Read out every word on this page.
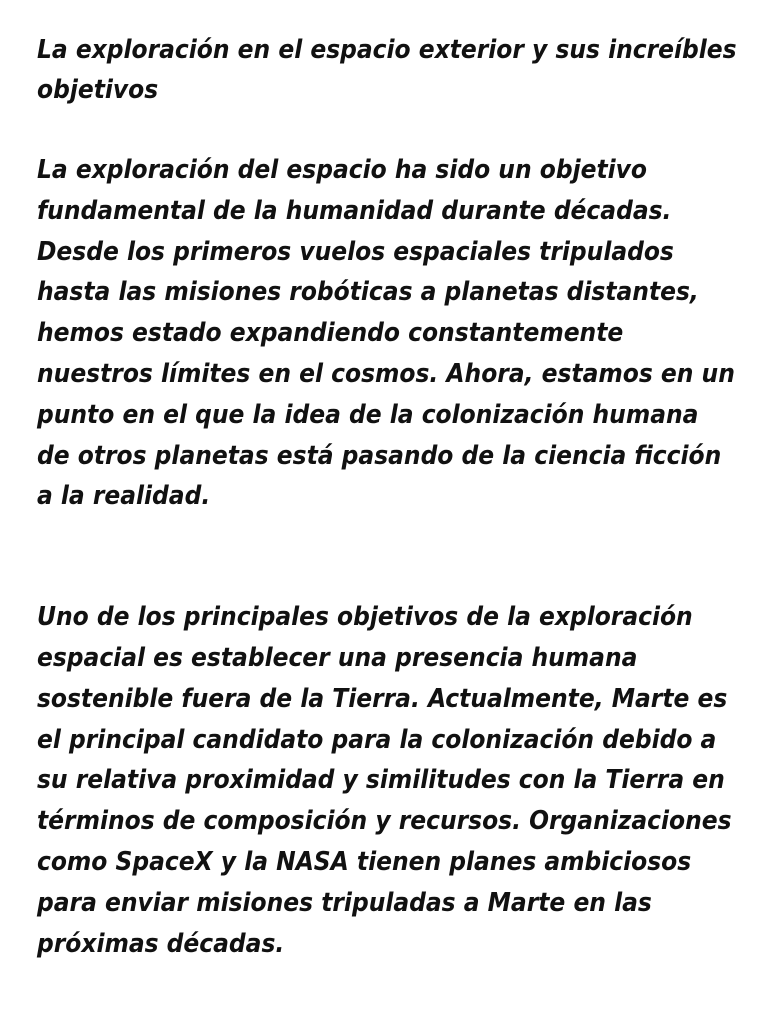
La exploración en el espacio exterior y sus increíbles objetivos

La exploración del espacio ha sido un objetivo fundamental de la humanidad durante décadas. Desde los primeros vuelos espaciales tripulados hasta las misiones robóticas a planetas distantes, hemos estado expandiendo constantemente nuestros límites en el cosmos. Ahora, estamos en un punto en el que la idea de la colonización humana de otros planetas está pasando de la ciencia ficción a la realidad.

Uno de los principales objetivos de la exploración espacial es establecer una presencia humana sostenible fuera de la Tierra. Actualmente, Marte es el principal candidato para la colonización debido a su relativa proximidad y similitudes con la Tierra en términos de composición y recursos. Organizaciones como SpaceX y la NASA tienen planes ambiciosos para enviar misiones tripuladas a Marte en las próximas décadas.
